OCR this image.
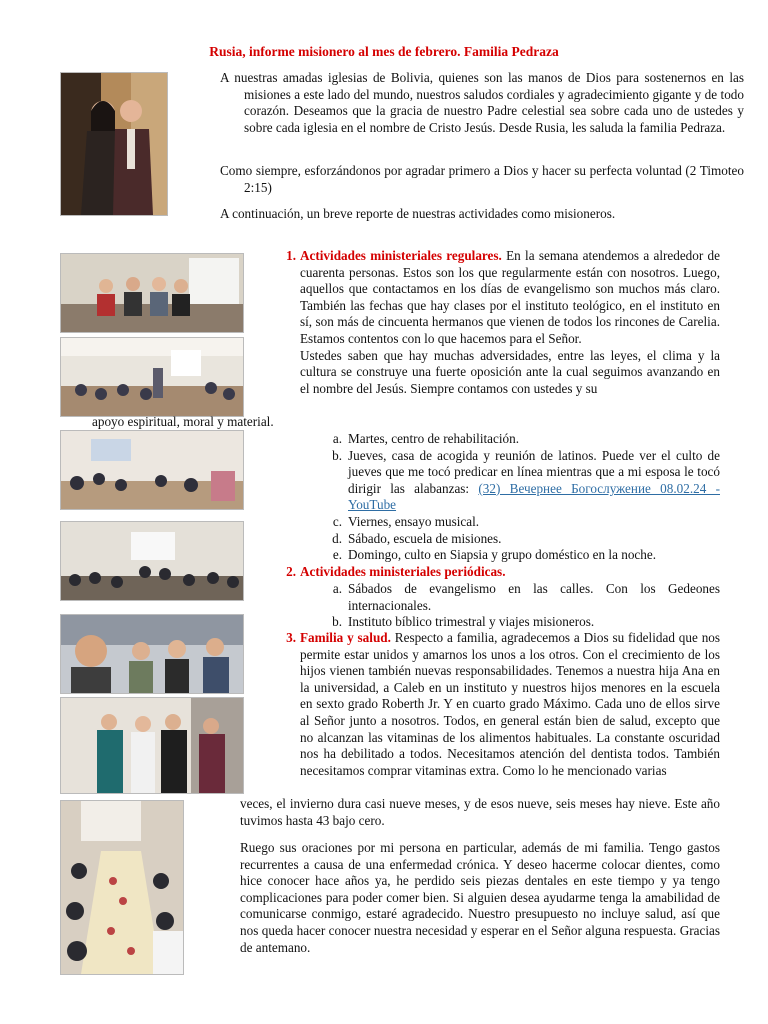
Rusia, informe misionero al mes de febrero. Familia Pedraza
A nuestras amadas iglesias de Bolivia, quienes son las manos de Dios para sostenernos en las misiones a este lado del mundo, nuestros saludos cordiales y agradecimiento gigante y de todo corazón. Deseamos que la gracia de nuestro Padre celestial sea sobre cada uno de ustedes y sobre cada iglesia en el nombre de Cristo Jesús. Desde Rusia, les saluda la familia Pedraza.
Como siempre, esforzándonos por agradar primero a Dios y hacer su perfecta voluntad (2 Timoteo 2:15)
A continuación, un breve reporte de nuestras actividades como misioneros.
1. Actividades ministeriales regulares. En la semana atendemos a alrededor de cuarenta personas. Estos son los que regularmente están con nosotros. Luego, aquellos que contactamos en los días de evangelismo son muchos más claro. También las fechas que hay clases por el instituto teológico, en el instituto en sí, son más de cincuenta hermanos que vienen de todos los rincones de Carelia. Estamos contentos con lo que hacemos para el Señor.
Ustedes saben que hay muchas adversidades, entre las leyes, el clima y la cultura se construye una fuerte oposición ante la cual seguimos avanzando en el nombre del Jesús. Siempre contamos con ustedes y su
apoyo espiritual, moral y material.
a. Martes, centro de rehabilitación.
b. Jueves, casa de acogida y reunión de latinos. Puede ver el culto de jueves que me tocó predicar en línea mientras que a mi esposa le tocó dirigir las alabanzas: (32) Вечернее Богослужение 08.02.24 - YouTube
c. Viernes, ensayo musical.
d. Sábado, escuela de misiones.
e. Domingo, culto en Siapsia y grupo doméstico en la noche.
2. Actividades ministeriales periódicas.
a. Sábados de evangelismo en las calles. Con los Gedeones internacionales.
b. Instituto bíblico trimestral y viajes misioneros.
3. Familia y salud. Respecto a familia, agradecemos a Dios su fidelidad que nos permite estar unidos y amarnos los unos a los otros. Con el crecimiento de los hijos vienen también nuevas responsabilidades. Tenemos a nuestra hija Ana en la universidad, a Caleb en un instituto y nuestros hijos menores en la escuela en sexto grado Roberth Jr. Y en cuarto grado Máximo. Cada uno de ellos sirve al Señor junto a nosotros. Todos, en general están bien de salud, excepto que no alcanzan las vitaminas de los alimentos habituales. La constante oscuridad nos ha debilitado a todos. Necesitamos atención del dentista todos. También necesitamos comprar vitaminas extra. Como lo he mencionado varias
veces, el invierno dura casi nueve meses, y de esos nueve, seis meses hay nieve. Este año tuvimos hasta 43 bajo cero.
Ruego sus oraciones por mi persona en particular, además de mi familia. Tengo gastos recurrentes a causa de una enfermedad crónica. Y deseo hacerme colocar dientes, como hice conocer hace años ya, he perdido seis piezas dentales en este tiempo y ya tengo complicaciones para poder comer bien. Si alguien desea ayudarme tenga la amabilidad de comunicarse conmigo, estaré agradecido. Nuestro presupuesto no incluye salud, así que nos queda hacer conocer nuestra necesidad y esperar en el Señor alguna respuesta. Gracias de antemano.
